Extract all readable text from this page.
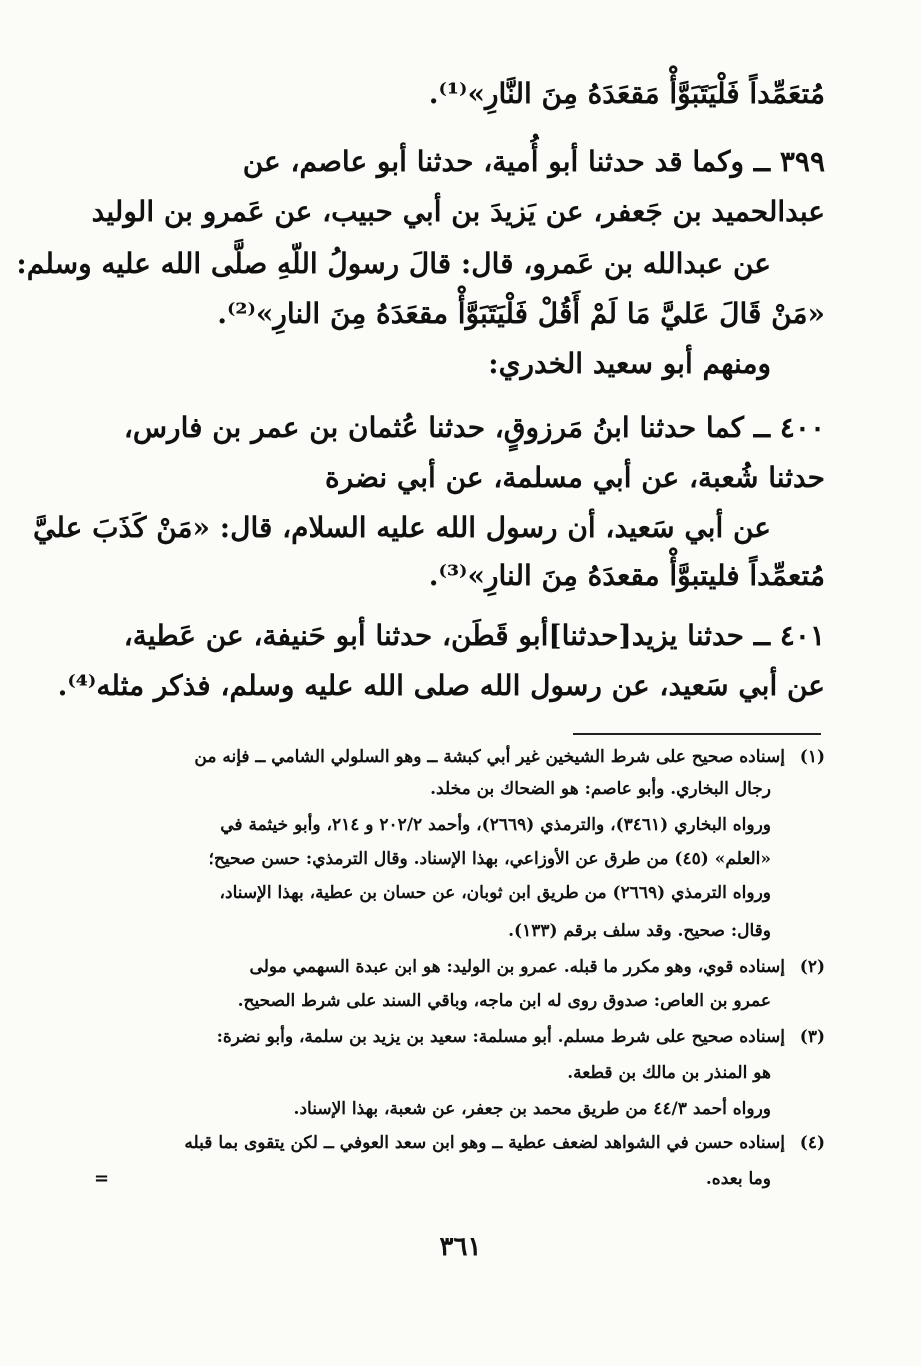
مُتعَمِّداً فَلْيَتَبَوَّأْ مَقعَدَهُ مِنَ النَّارِ»⁽¹⁾.
٣٩٩ ــ وكما قد حدثنا أبو أُمية، حدثنا أبو عاصم، عن
عبدالحميد بن جَعفر، عن يَزيدَ بن أبي حبيب، عن عَمرو بن الوليد
عن عبدالله بن عَمرو، قال: قالَ رسولُ اللّهِ صلَّى الله عليه وسلم:
«مَنْ قَالَ عَليَّ مَا لَمْ أَقُلْ فَلْيَتَبَوَّأْ مقعَدَهُ مِنَ النارِ»⁽²⁾.
ومنهم أبو سعيد الخدري:
٤٠٠ ــ كما حدثنا ابنُ مَرزوقٍ، حدثنا عُثمان بن عمر بن فارس،
حدثنا شُعبة، عن أبي مسلمة، عن أبي نضرة
عن أبي سَعيد، أن رسول الله عليه السلام، قال: «مَنْ كَذَبَ عليَّ
مُتعمِّداً فليتبوَّأْ مقعدَهُ مِنَ النارِ»⁽³⁾.
٤٠١ ــ حدثنا يزيد[حدثنا]أبو قَطَن، حدثنا أبو حَنيفة، عن عَطية،
عن أبي سَعيد، عن رسول الله صلى الله عليه وسلم، فذكر مثله⁽⁴⁾.
(١)إسناده صحيح على شرط الشيخين غير أبي كبشة ــ وهو السلولي الشامي ــ فإنه من
رجال البخاري. وأبو عاصم: هو الضحاك بن مخلد.
ورواه البخاري (٣٤٦١)، والترمذي (٢٦٦٩)، وأحمد ٢٠٢/٢ و ٢١٤، وأبو خيثمة في
«العلم» (٤٥) من طرق عن الأوزاعي، بهذا الإسناد. وقال الترمذي: حسن صحيح؛
ورواه الترمذي (٢٦٦٩) من طريق ابن ثوبان، عن حسان بن عطية، بهذا الإسناد،
وقال: صحيح. وقد سلف برقم (١٣٣).
(٢)إسناده قوي، وهو مكرر ما قبله. عمرو بن الوليد: هو ابن عبدة السهمي مولى
عمرو بن العاص: صدوق روى له ابن ماجه، وباقي السند على شرط الصحيح.
(٣)إسناده صحيح على شرط مسلم. أبو مسلمة: سعيد بن يزيد بن سلمة، وأبو نضرة:
هو المنذر بن مالك بن قطعة.
ورواه أحمد ٤٤/٣ من طريق محمد بن جعفر، عن شعبة، بهذا الإسناد.
(٤)إسناده حسن في الشواهد لضعف عطية ــ وهو ابن سعد العوفي ــ لكن يتقوى بما قبله
وما بعده.
=
٣٦١
